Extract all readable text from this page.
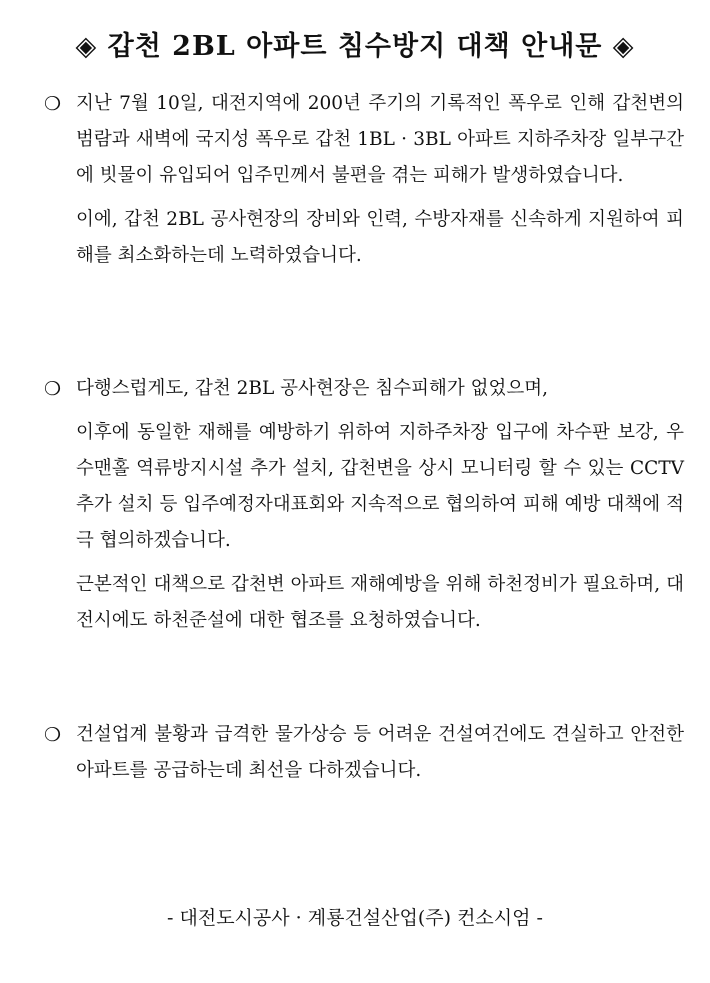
◈ 갑천 2BL 아파트 침수방지 대책 안내문 ◈
❍ 지난 7월 10일, 대전지역에 200년 주기의 기록적인 폭우로 인해 갑천변의 범람과 새벽에 국지성 폭우로 갑천 1BL · 3BL 아파트 지하주차장 일부구간에 빗물이 유입되어 입주민께서 불편을 겪는 피해가 발생하였습니다.

이에, 갑천 2BL 공사현장의 장비와 인력, 수방자재를 신속하게 지원하여 피해를 최소화하는데 노력하였습니다.

❍ 다행스럽게도, 갑천 2BL 공사현장은 침수피해가 없었으며,

이후에 동일한 재해를 예방하기 위하여 지하주차장 입구에 차수판 보강, 우수맨홀 역류방지시설 추가 설치, 갑천변을 상시 모니터링 할 수 있는 CCTV 추가 설치 등 입주예정자대표회와 지속적으로 협의하여 피해 예방 대책에 적극 협의하겠습니다.

근본적인 대책으로 갑천변 아파트 재해예방을 위해 하천정비가 필요하며, 대전시에도 하천준설에 대한 협조를 요청하였습니다.

❍ 건설업계 불황과 급격한 물가상승 등 어려운 건설여건에도 견실하고 안전한 아파트를 공급하는데 최선을 다하겠습니다.

- 대전도시공사 · 계룡건설산업(주) 컨소시엄 -
